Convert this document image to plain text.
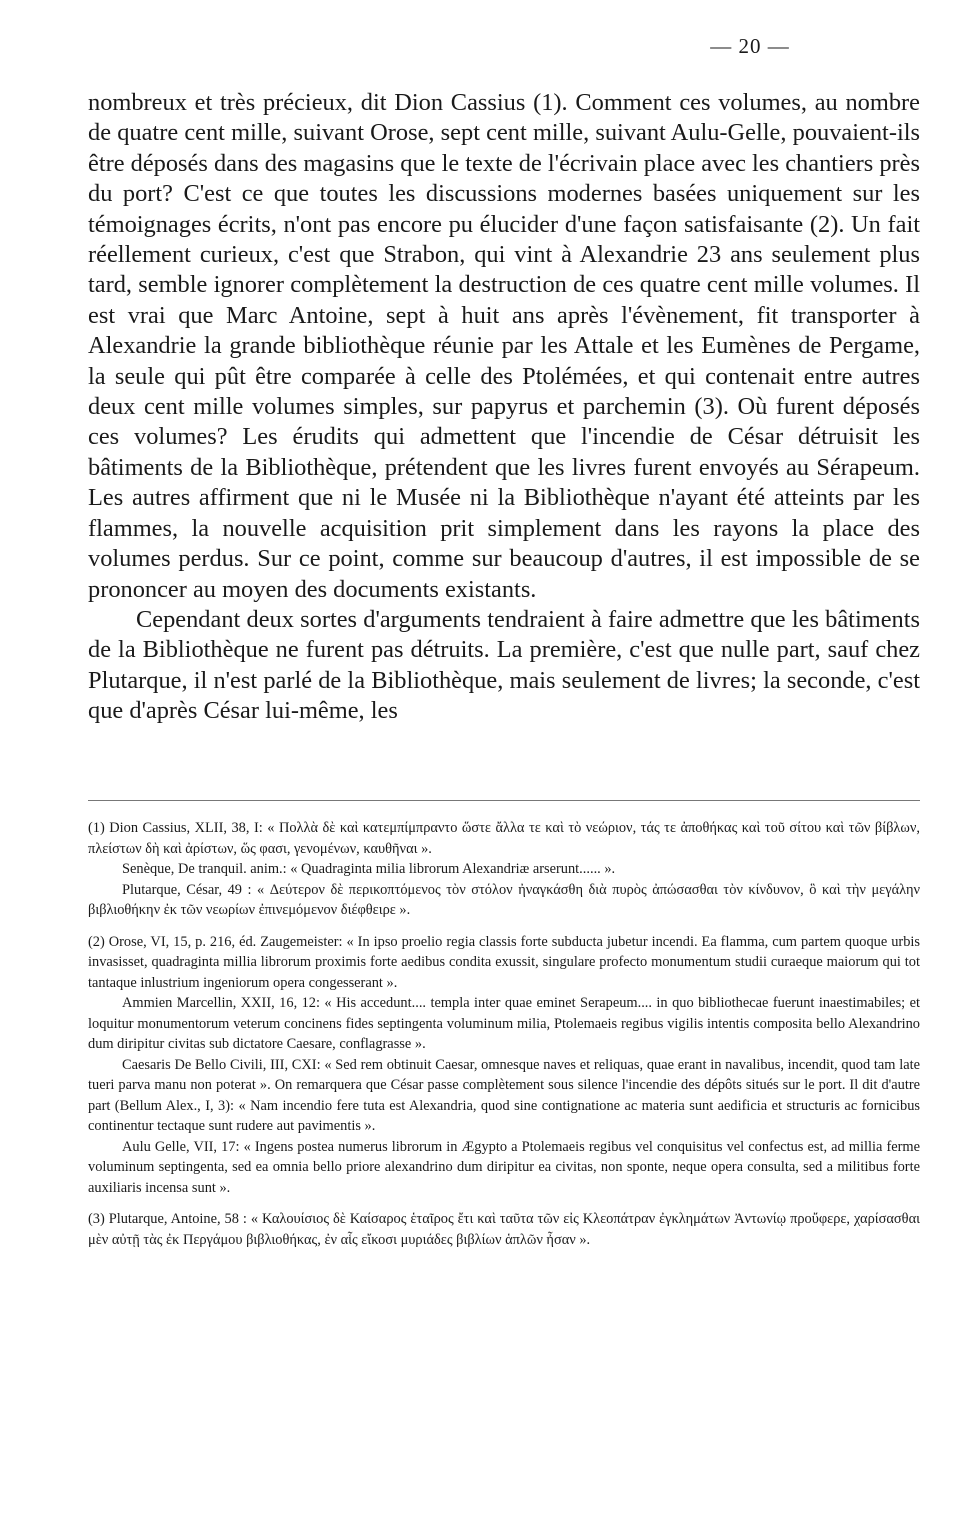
— 20 —

nombreux et très précieux, dit Dion Cassius (1). Comment ces volumes, au nombre de quatre cent mille, suivant Orose, sept cent mille, suivant Aulu-Gelle, pouvaient-ils être déposés dans des magasins que le texte de l'écrivain place avec les chantiers près du port? C'est ce que toutes les discussions modernes basées uniquement sur les témoignages écrits, n'ont pas encore pu élucider d'une façon satisfaisante (2). Un fait réellement curieux, c'est que Strabon, qui vint à Alexandrie 23 ans seulement plus tard, semble ignorer complètement la destruction de ces quatre cent mille volumes. Il est vrai que Marc Antoine, sept à huit ans après l'évènement, fit transporter à Alexandrie la grande bibliothèque réunie par les Attale et les Eumènes de Pergame, la seule qui pût être comparée à celle des Ptolémées, et qui contenait entre autres deux cent mille volumes simples, sur papyrus et parchemin (3). Où furent déposés ces volumes? Les érudits qui admettent que l'incendie de César détruisit les bâtiments de la Bibliothèque, prétendent que les livres furent envoyés au Sérapeum. Les autres affirment que ni le Musée ni la Bibliothèque n'ayant été atteints par les flammes, la nouvelle acquisition prit simplement dans les rayons la place des volumes perdus. Sur ce point, comme sur beaucoup d'autres, il est impossible de se prononcer au moyen des documents existants.

Cependant deux sortes d'arguments tendraient à faire admettre que les bâtiments de la Bibliothèque ne furent pas détruits. La première, c'est que nulle part, sauf chez Plutarque, il n'est parlé de la Bibliothèque, mais seulement de livres; la seconde, c'est que d'après César lui-même, les

(1) Dion Cassius, XLII, 38, I: « Πολλὰ δὲ καὶ κατεμπίμπραντο ὥστε ἄλλα τε καὶ τὸ νεώριον, τάς τε ἀποθήκας καὶ τοῦ σίτου καὶ τῶν βίβλων, πλείστων δὴ καὶ ἀρίστων, ὥς φασι, γενομένων, καυθῆναι ».

Senèque, De tranquil. anim.: « Quadraginta milia librorum Alexandriæ arserunt...... ».

Plutarque, César, 49 : « Δεύτερον δὲ περικοπτόμενος τὸν στόλον ἠναγκάσθη διὰ πυρὸς ἀπώσασθαι τὸν κίνδυνον, ὃ καὶ τὴν μεγάλην βιβλιοθήκην ἐκ τῶν νεωρίων ἐπινεμόμενον διέφθειρε ».

(2) Orose, VI, 15, p. 216, éd. Zaugemeister: « In ipso proelio regia classis forte subducta jubetur incendi. Ea flamma, cum partem quoque urbis invasisset, quadraginta millia librorum proximis forte aedibus condita exussit, singulare profecto monumentum studii curaeque maiorum qui tot tantaque inlustrium ingeniorum opera congesserant ».

Ammien Marcellin, XXII, 16, 12: « His accedunt.... templa inter quae eminet Serapeum.... in quo bibliothecae fuerunt inaestimabiles; et loquitur monumentorum veterum concinens fides septingenta voluminum milia, Ptolemaeis regibus vigilis intentis composita bello Alexandrino dum diripitur civitas sub dictatore Caesare, conflagrasse ».

Caesaris De Bello Civili, III, CXI: « Sed rem obtinuit Caesar, omnesque naves et reliquas, quae erant in navalibus, incendit, quod tam late tueri parva manu non poterat ». On remarquera que César passe complètement sous silence l'incendie des dépôts situés sur le port. Il dit d'autre part (Bellum Alex., I, 3): « Nam incendio fere tuta est Alexandria, quod sine contignatione ac materia sunt aedificia et structuris ac fornicibus continentur tectaque sunt rudere aut pavimentis ».

Aulu Gelle, VII, 17: « Ingens postea numerus librorum in Ægypto a Ptolemaeis regibus vel conquisitus vel confectus est, ad millia ferme voluminum septingenta, sed ea omnia bello priore alexandrino dum diripitur ea civitas, non sponte, neque opera consulta, sed a militibus forte auxiliaris incensa sunt ».

(3) Plutarque, Antoine, 58 : « Καλουίσιος δὲ Καίσαρος ἑταῖρος ἔτι καὶ ταῦτα τῶν εἰς Κλεοπάτραν ἐγκλημάτων Ἀντωνίῳ προὔφερε, χαρίσασθαι μὲν αὐτῇ τὰς ἐκ Περγάμου βιβλιοθήκας, ἐν αἷς εἴκοσι μυριάδες βιβλίων ἁπλῶν ἦσαν ».
